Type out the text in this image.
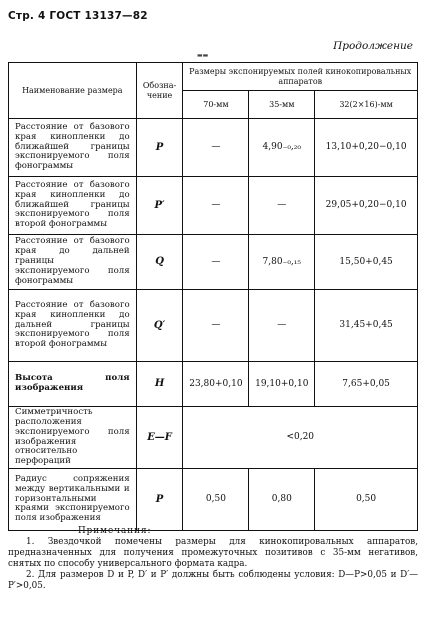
Стр. 4 ГОСТ 13137—82
Продолжение
▬▬
Наименование размера	Обозна-чение	Размеры экспонируемых полей кинокопировальных аппаратов		
		70-мм	35-мм	32(2×16)-мм
Расстояние от базового края кинопленки до ближайшей границы экспонируемого поля фонограммы	P	—	4,90₋₀,₂₀	13,10+0,20−0,10
Расстояние от базового края кинопленки до ближайшей границы экспонируемого поля второй фонограммы	P′	—	—	29,05+0,20−0,10
Расстояние от базового края до дальней границы экспонируемого поля фонограммы	Q	—	7,80₋₀,₁₅	15,50+0,45
Расстояние от базового края кинопленки до дальней границы экспонируемого поля второй фонограммы	Q′	—	—	31,45+0,45
Высота поля изображения	H	23,80+0,10	19,10+0,10	7,65+0,05
Симметричность расположения экспонируемого поля изображения относительно перфораций	E—F	<0,20		
Радиус сопряжения между вертикальными и горизонтальными краями экспонируемого поля изображения	P	0,50	0,80	0,50
Примечания:

1. Звездочкой помечены размеры для кинокопировальных аппаратов, предназначенных для получения промежуточных позитивов с 35-мм негативов, снятых по способу универсального формата кадра.

2. Для размеров D и P, D′ и P′ должны быть соблюдены условия: D—P>0,05 и D′—P′>0,05.
